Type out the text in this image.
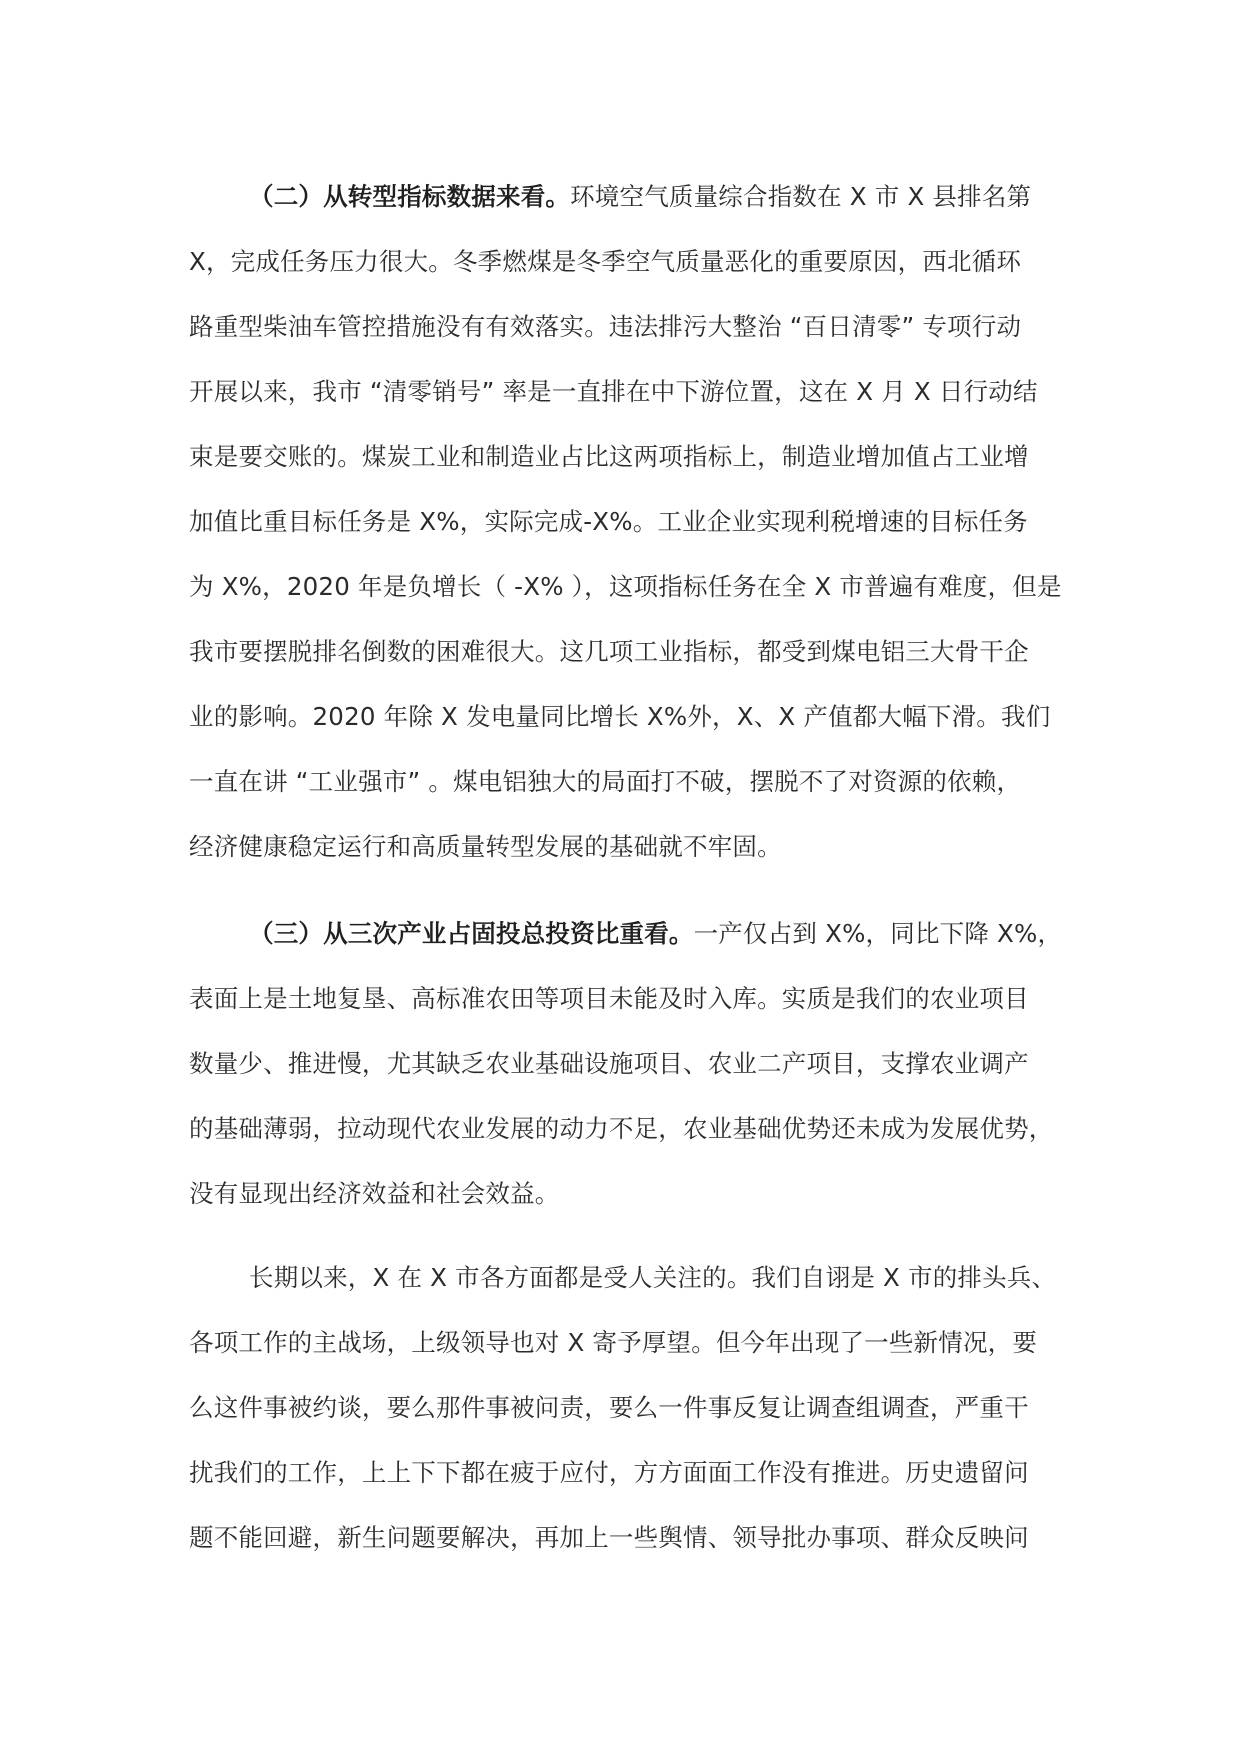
（二）从转型指标数据来看。环境空气质量综合指数在 X 市 X 县排名第
X，完成任务压力很大。冬季燃煤是冬季空气质量恶化的重要原因，西北循环
路重型柴油车管控措施没有有效落实。违法排污大整治 “百日清零” 专项行动
开展以来，我市 “清零销号” 率是一直排在中下游位置，这在 X 月 X 日行动结
束是要交账的。煤炭工业和制造业占比这两项指标上，制造业增加值占工业增
加值比重目标任务是 X%，实际完成-X%。工业企业实现利税增速的目标任务
为 X%，2020 年是负增长（ -X% ），这项指标任务在全 X 市普遍有难度，但是
我市要摆脱排名倒数的困难很大。这几项工业指标，都受到煤电铝三大骨干企
业的影响。2020 年除 X 发电量同比增长 X%外，X、X 产值都大幅下滑。我们
一直在讲 “工业强市” 。煤电铝独大的局面打不破，摆脱不了对资源的依赖，
经济健康稳定运行和高质量转型发展的基础就不牢固。
（三）从三次产业占固投总投资比重看。一产仅占到 X%，同比下降 X%，
表面上是土地复垦、高标准农田等项目未能及时入库。实质是我们的农业项目
数量少、推进慢，尤其缺乏农业基础设施项目、农业二产项目，支撑农业调产
的基础薄弱，拉动现代农业发展的动力不足，农业基础优势还未成为发展优势，
没有显现出经济效益和社会效益。
长期以来，X 在 X 市各方面都是受人关注的。我们自诩是 X 市的排头兵、
各项工作的主战场，上级领导也对 X 寄予厚望。但今年出现了一些新情况，要
么这件事被约谈，要么那件事被问责，要么一件事反复让调查组调查，严重干
扰我们的工作，上上下下都在疲于应付，方方面面工作没有推进。历史遗留问
题不能回避，新生问题要解决，再加上一些舆情、领导批办事项、群众反映问
